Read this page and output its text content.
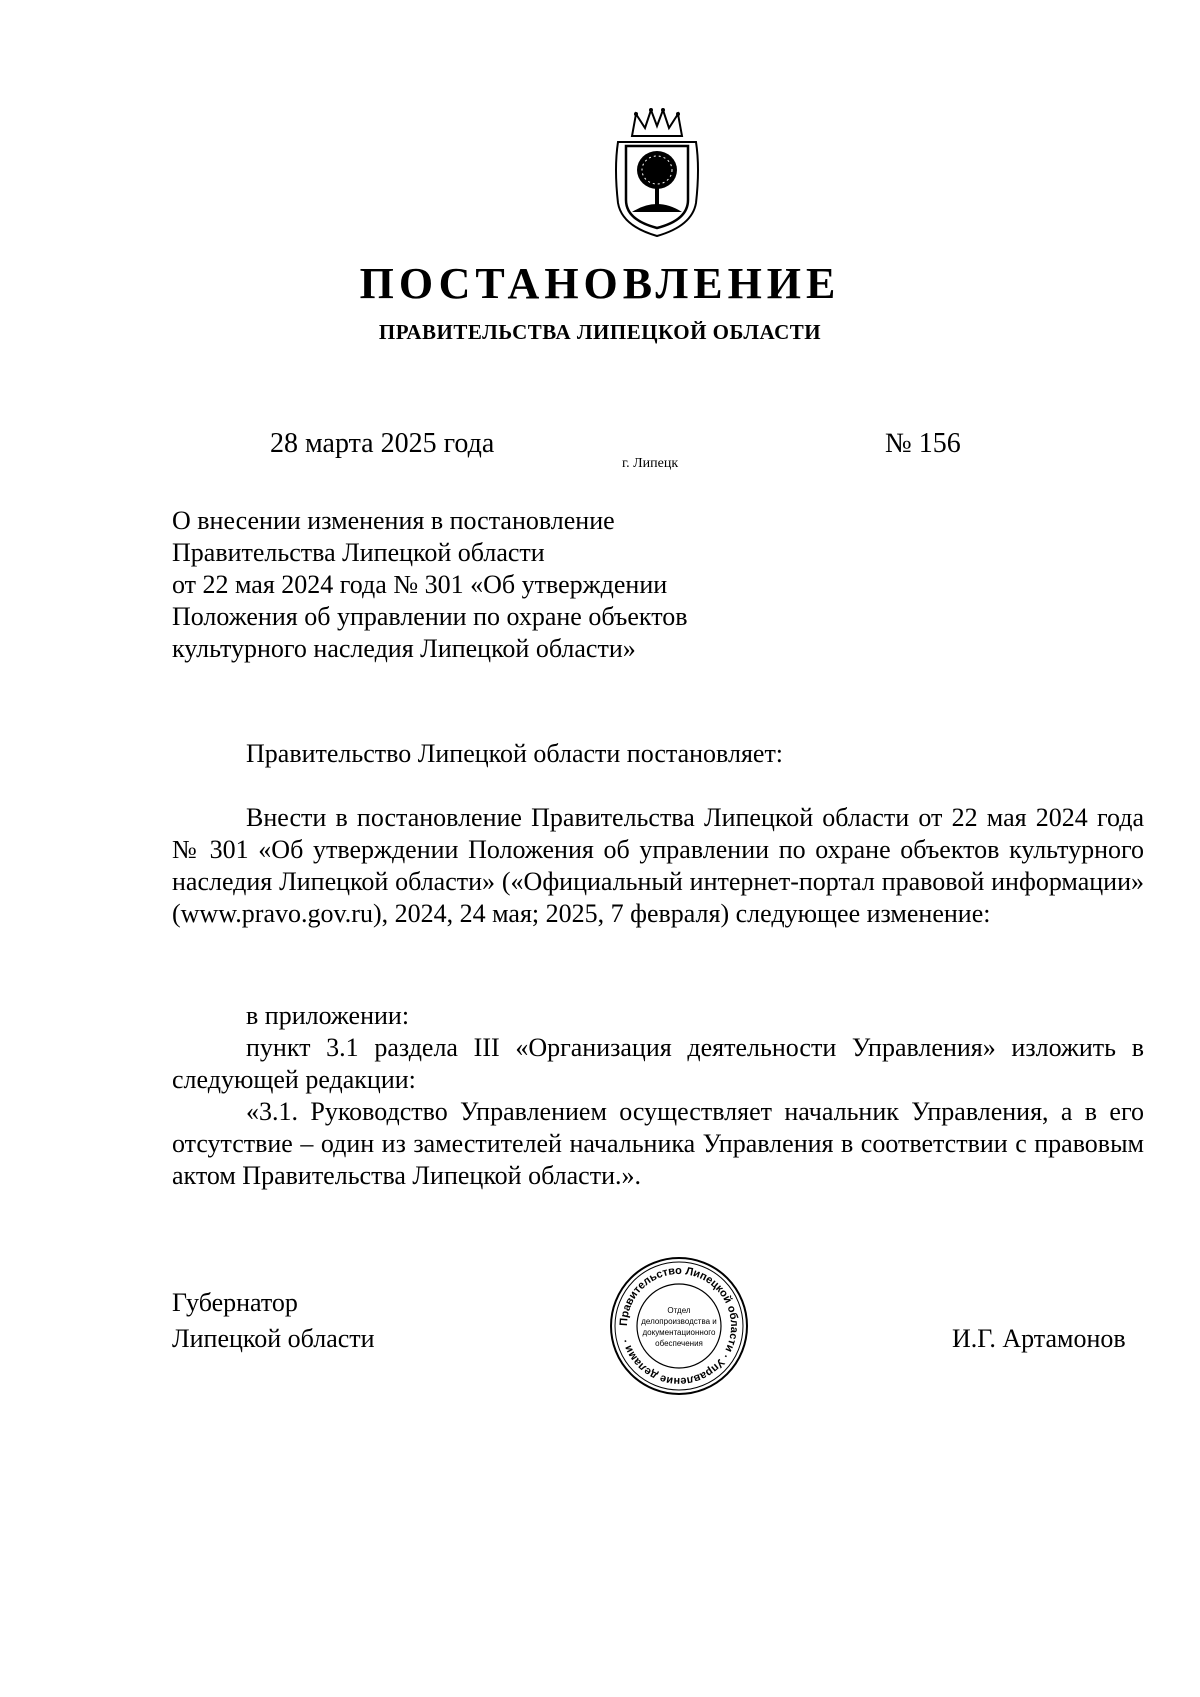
ПОСТАНОВЛЕНИЕ
ПРАВИТЕЛЬСТВА ЛИПЕЦКОЙ ОБЛАСТИ
28 марта 2025 года
г. Липецк
№ 156
О внесении изменения в постановление
Правительства Липецкой области
от 22 мая 2024 года № 301 «Об утверждении
Положения об управлении по охране объектов
культурного наследия Липецкой области»

Правительство Липецкой области постановляет:

Внести в постановление Правительства Липецкой области от 22 мая 2024 года № 301 «Об утверждении Положения об управлении по охране объектов культурного наследия Липецкой области» («Официальный интернет-портал правовой информации» (www.pravo.gov.ru), 2024, 24 мая; 2025, 7 февраля) следующее изменение:

в приложении:

пункт 3.1 раздела III «Организация деятельности Управления» изложить в следующей редакции:

«3.1. Руководство Управлением осуществляет начальник Управления, а в его отсутствие – один из заместителей начальника Управления в соответствии с правовым актом Правительства Липецкой области.».

Губернатор
Липецкой области
Правительство Липецкой области · Управление делами ·
Отдел
делопроизводства и
документационного
обеспечения	И.Г. Артамонов
